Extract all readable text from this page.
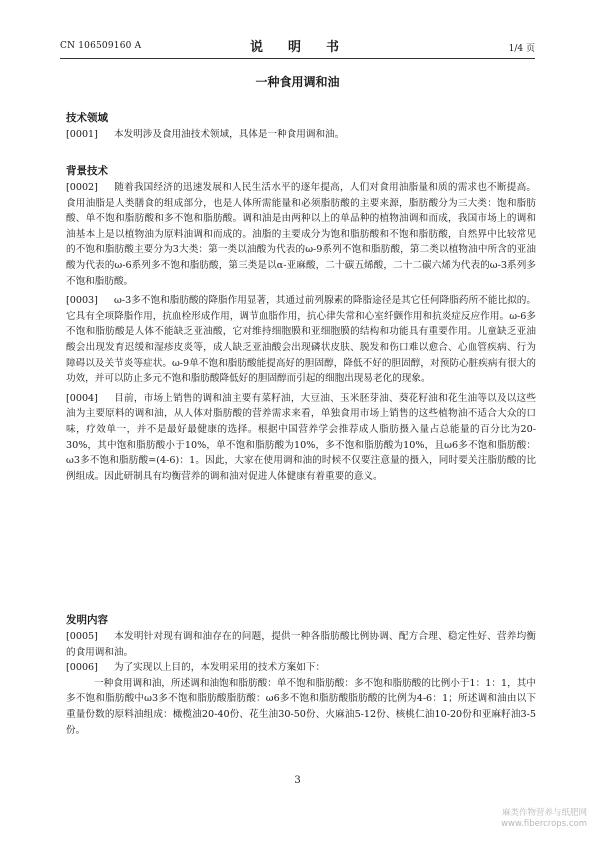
CN 106509160 A	说　明　书	1/4 页
一种食用调和油
技术领域

[0001] 本发明涉及食用油技术领域，具体是一种食用调和油。

背景技术

[0002] 随着我国经济的迅速发展和人民生活水平的逐年提高，人们对食用油脂量和质的需求也不断提高。食用油脂是人类膳食的组成部分，也是人体所需能量和必须脂肪酸的主要来源，脂肪酸分为三大类：饱和脂肪酸、单不饱和脂肪酸和多不饱和脂肪酸。调和油是由两种以上的单品种的植物油调和而成，我国市场上的调和油基本上是以植物油为原料油调和而成的。油脂的主要成分为饱和脂肪酸和不饱和脂肪酸，自然界中比较常见的不饱和脂肪酸主要分为3大类：第一类以油酸为代表的ω-9系列不饱和脂肪酸，第二类以植物油中所含的亚油酸为代表的ω-6系列多不饱和脂肪酸，第三类是以α-亚麻酸，二十碳五烯酸，二十二碳六烯为代表的ω-3系列多不饱和脂肪酸。

[0003] ω-3多不饱和脂肪酸的降脂作用显著，其通过前列腺素的降脂途径是其它任何降脂药所不能比拟的。它具有全项降脂作用，抗血栓形成作用，调节血脂作用，抗心律失常和心室纤颤作用和抗炎症反应作用。ω-6多不饱和脂肪酸是人体不能缺乏亚油酸，它对维持细胞膜和亚细胞膜的结构和功能具有重要作用。儿童缺乏亚油酸会出现发育迟缓和湿疹皮炎等，成人缺乏亚油酸会出现磷状皮肤、脱发和伤口难以愈合、心血管疾病、行为障碍以及关节炎等症状。ω-9单不饱和脂肪酸能提高好的胆固醇，降低不好的胆固醇，对预防心脏疾病有很大的功效，并可以防止多元不饱和脂肪酸降低好的胆固醇而引起的细胞出现易老化的现象。

[0004] 目前，市场上销售的调和油主要有菜籽油，大豆油、玉米胚芽油、葵花籽油和花生油等以及以这些油为主要原料的调和油，从人体对脂肪酸的营养需求来看，单独食用市场上销售的这些植物油不适合大众的口味，疗效单一，并不是最好最健康的选择。根据中国营养学会推荐成人脂肪摄入量占总能量的百分比为20-30%，其中饱和脂肪酸小于10%，单不饱和脂肪酸为10%，多不饱和脂肪酸为10%，且ω6多不饱和脂肪酸：ω3多不饱和脂肪酸=(4-6)：1。因此，大家在使用调和油的时候不仅要注意量的摄入，同时要关注脂肪酸的比例组成。因此研制具有均衡营养的调和油对促进人体健康有着重要的意义。

发明内容

[0005] 本发明针对现有调和油存在的问题，提供一种各脂肪酸比例协调、配方合理、稳定性好、营养均衡的食用调和油。

[0006] 为了实现以上目的，本发明采用的技术方案如下：

一种食用调和油，所述调和油饱和脂肪酸：单不饱和脂肪酸：多不饱和脂肪酸的比例小于1：1：1，其中多不饱和脂肪酸中ω3多不饱和脂肪酸脂肪酸：ω6多不饱和脂肪酸脂肪酸的比例为4-6：1；所述调和油由以下重量份数的原料油组成：橄榄油20-40份、花生油30-50份、火麻油5-12份、核桃仁油10-20份和亚麻籽油3-5份。

3
麻类作物营养与纸肥网
www.fibercrops.com
